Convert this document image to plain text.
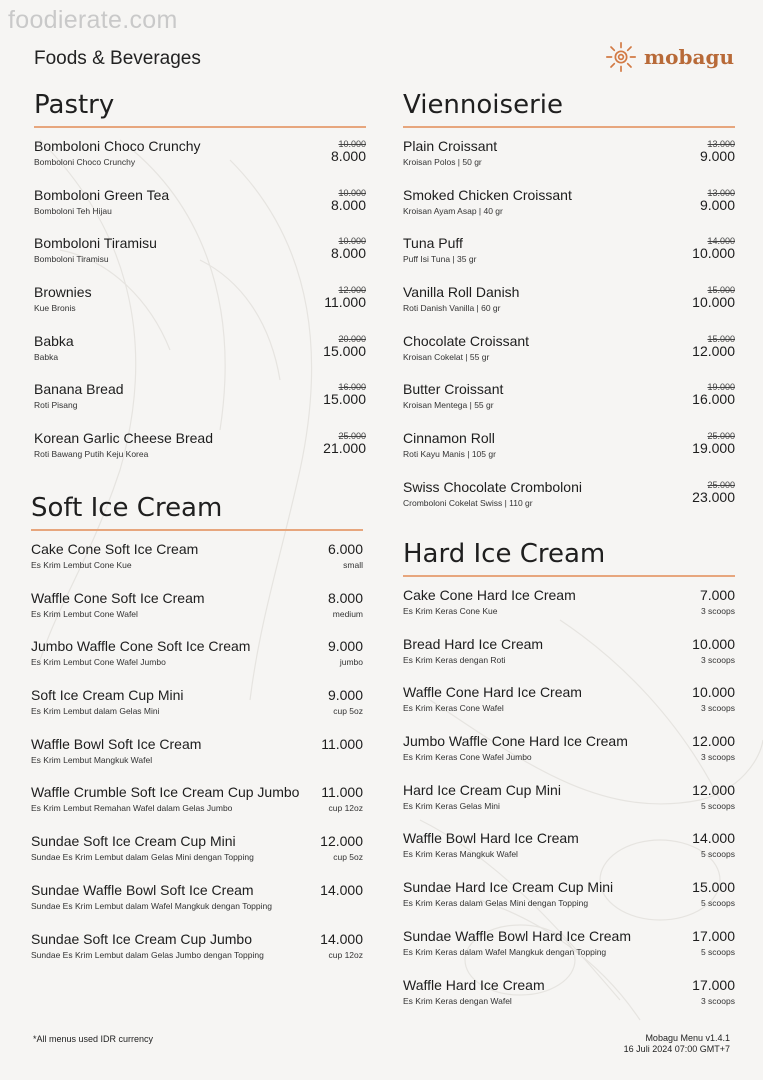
foodierate.com
Foods & Beverages	mobagu
Pastry
Bomboloni Choco Crunchy
Bomboloni Choco Crunchy
10.000
8.000
Bomboloni Green Tea
Bomboloni Teh Hijau
10.000
8.000
Bomboloni Tiramisu
Bomboloni Tiramisu
10.000
8.000
Brownies
Kue Bronis
12.000
11.000
Babka
Babka
20.000
15.000
Banana Bread
Roti Pisang
16.000
15.000
Korean Garlic Cheese Bread
Roti Bawang Putih Keju Korea
25.000
21.000
Soft Ice Cream
Cake Cone Soft Ice Cream
Es Krim Lembut Cone Kue
6.000
small
Waffle Cone Soft Ice Cream
Es Krim Lembut Cone Wafel
8.000
medium
Jumbo Waffle Cone Soft Ice Cream
Es Krim Lembut Cone Wafel Jumbo
9.000
jumbo
Soft Ice Cream Cup Mini
Es Krim Lembut dalam Gelas Mini
9.000
cup 5oz
Waffle Bowl Soft Ice Cream
Es Krim Lembut Mangkuk Wafel
11.000
Waffle Crumble Soft Ice Cream Cup Jumbo
Es Krim Lembut Remahan Wafel dalam Gelas Jumbo
11.000
cup 12oz
Sundae Soft Ice Cream Cup Mini
Sundae Es Krim Lembut dalam Gelas Mini dengan Topping
12.000
cup 5oz
Sundae Waffle Bowl Soft Ice Cream
Sundae Es Krim Lembut dalam Wafel Mangkuk dengan Topping
14.000
Sundae Soft Ice Cream Cup Jumbo
Sundae Es Krim Lembut dalam Gelas Jumbo dengan Topping
14.000
cup 12oz
Viennoiserie
Plain Croissant
Kroisan Polos | 50 gr
13.000
9.000
Smoked Chicken Croissant
Kroisan Ayam Asap | 40 gr
13.000
9.000
Tuna Puff
Puff Isi Tuna | 35 gr
14.000
10.000
Vanilla Roll Danish
Roti Danish Vanilla | 60 gr
15.000
10.000
Chocolate Croissant
Kroisan Cokelat | 55 gr
15.000
12.000
Butter Croissant
Kroisan Mentega | 55 gr
19.000
16.000
Cinnamon Roll
Roti Kayu Manis | 105 gr
25.000
19.000
Swiss Chocolate Cromboloni
Cromboloni Cokelat Swiss | 110 gr
25.000
23.000
Hard Ice Cream
Cake Cone Hard Ice Cream
Es Krim Keras Cone Kue
7.000
3 scoops
Bread Hard Ice Cream
Es Krim Keras dengan Roti
10.000
3 scoops
Waffle Cone Hard Ice Cream
Es Krim Keras Cone Wafel
10.000
3 scoops
Jumbo Waffle Cone Hard Ice Cream
Es Krim Keras Cone Wafel Jumbo
12.000
3 scoops
Hard Ice Cream Cup Mini
Es Krim Keras Gelas Mini
12.000
5 scoops
Waffle Bowl Hard Ice Cream
Es Krim Keras Mangkuk Wafel
14.000
5 scoops
Sundae Hard Ice Cream Cup Mini
Es Krim Keras dalam Gelas Mini dengan Topping
15.000
5 scoops
Sundae Waffle Bowl Hard Ice Cream
Es Krim Keras dalam Wafel Mangkuk dengan Topping
17.000
5 scoops
Waffle Hard Ice Cream
Es Krim Keras dengan Wafel
17.000
3 scoops
*All menus used IDR currency	Mobagu Menu v1.4.1
16 Juli 2024 07:00 GMT+7
